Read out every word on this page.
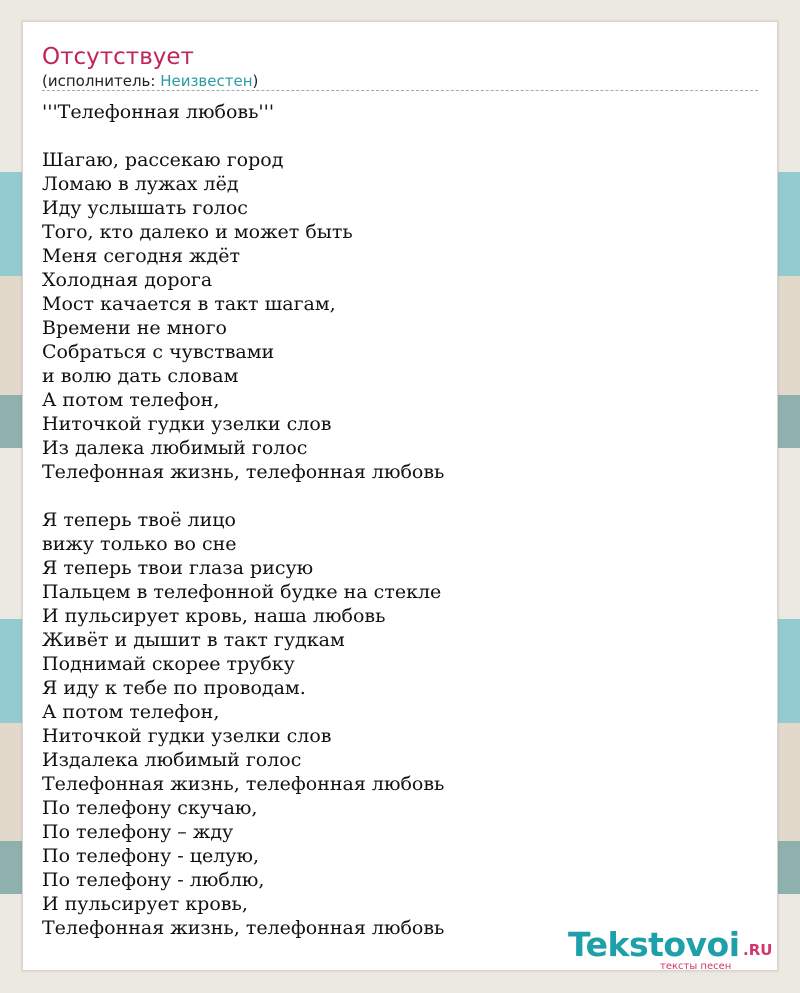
Отсутствует
(исполнитель: Неизвестен)
'''Телефонная любовь'''
Шагаю, рассекаю город
Ломаю в лужах лёд
Иду услышать голос
Того, кто далеко и может быть
Меня сегодня ждёт
Холодная дорога
Мост качается в такт шагам,
Времени не много
Собраться с чувствами
и волю дать словам
А потом телефон,
Ниточкой гудки узелки слов
Из далека любимый голос
Телефонная жизнь, телефонная любовь
Я теперь твоё лицо
вижу только во сне
Я теперь твои глаза рисую
Пальцем в телефонной будке на стекле
И пульсирует кровь, наша любовь
Живёт и дышит в такт гудкам
Поднимай скорее трубку
Я иду к тебе по проводам.
А потом телефон,
Ниточкой гудки узелки слов
Издалека любимый голос
Телефонная жизнь, телефонная любовь
По телефону скучаю,
По телефону – жду
По телефону - целую,
По телефону - люблю,
И пульсирует кровь,
Телефонная жизнь, телефонная любовь	Tekstovoi .RU
тексты песен
